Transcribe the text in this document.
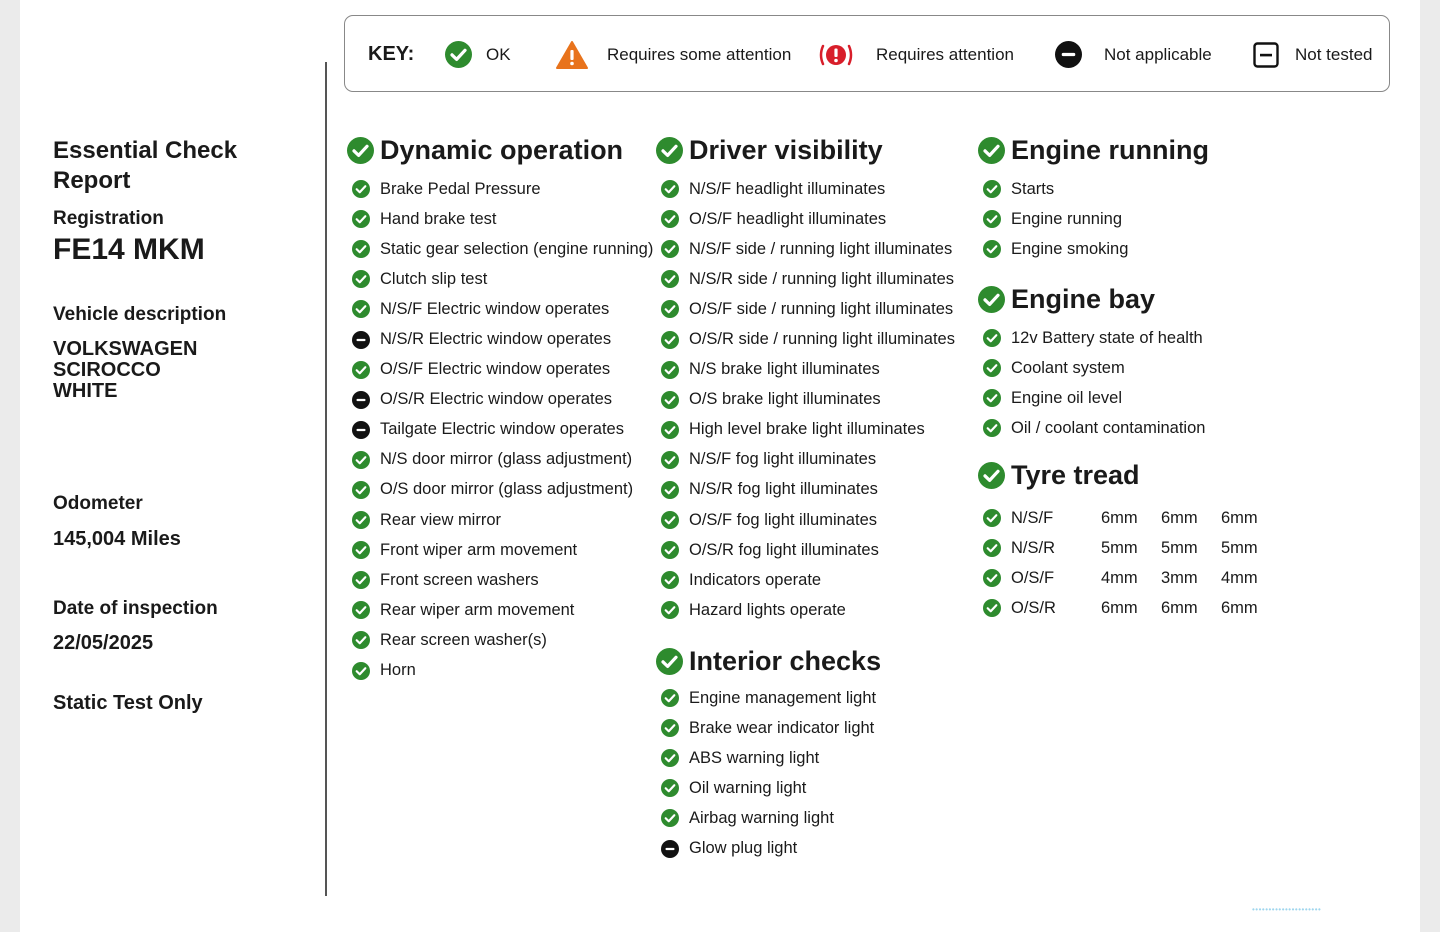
Essential Check
Report
Registration
FE14 MKM
Vehicle description
VOLKSWAGEN
SCIROCCO
WHITE
Odometer
145,004 Miles
Date of inspection
22/05/2025
Static Test Only
KEY:	OK	Requires some attention	Requires attention	Not applicable	Not tested
Dynamic operation
Brake Pedal Pressure
Hand brake test
Static gear selection (engine running)
Clutch slip test
N/S/F Electric window operates
N/S/R Electric window operates
O/S/F Electric window operates
O/S/R Electric window operates
Tailgate Electric window operates
N/S door mirror (glass adjustment)
O/S door mirror (glass adjustment)
Rear view mirror
Front wiper arm movement
Front screen washers
Rear wiper arm movement
Rear screen washer(s)
Horn
Driver visibility
N/S/F headlight illuminates
O/S/F headlight illuminates
N/S/F side / running light illuminates
N/S/R side / running light illuminates
O/S/F side / running light illuminates
O/S/R side / running light illuminates
N/S brake light illuminates
O/S brake light illuminates
High level brake light illuminates
N/S/F fog light illuminates
N/S/R fog light illuminates
O/S/F fog light illuminates
O/S/R fog light illuminates
Indicators operate
Hazard lights operate
Interior checks
Engine management light
Brake wear indicator light
ABS warning light
Oil warning light
Airbag warning light
Glow plug light
Engine running
Starts
Engine running
Engine smoking
Engine bay
12v Battery state of health
Coolant system
Engine oil level
Oil / coolant contamination
Tyre tread
N/S/F	6mm	6mm	6mm
N/S/R	5mm	5mm	5mm
O/S/F	4mm	3mm	4mm
O/S/R	6mm	6mm	6mm
•••••••••••••••••••••
